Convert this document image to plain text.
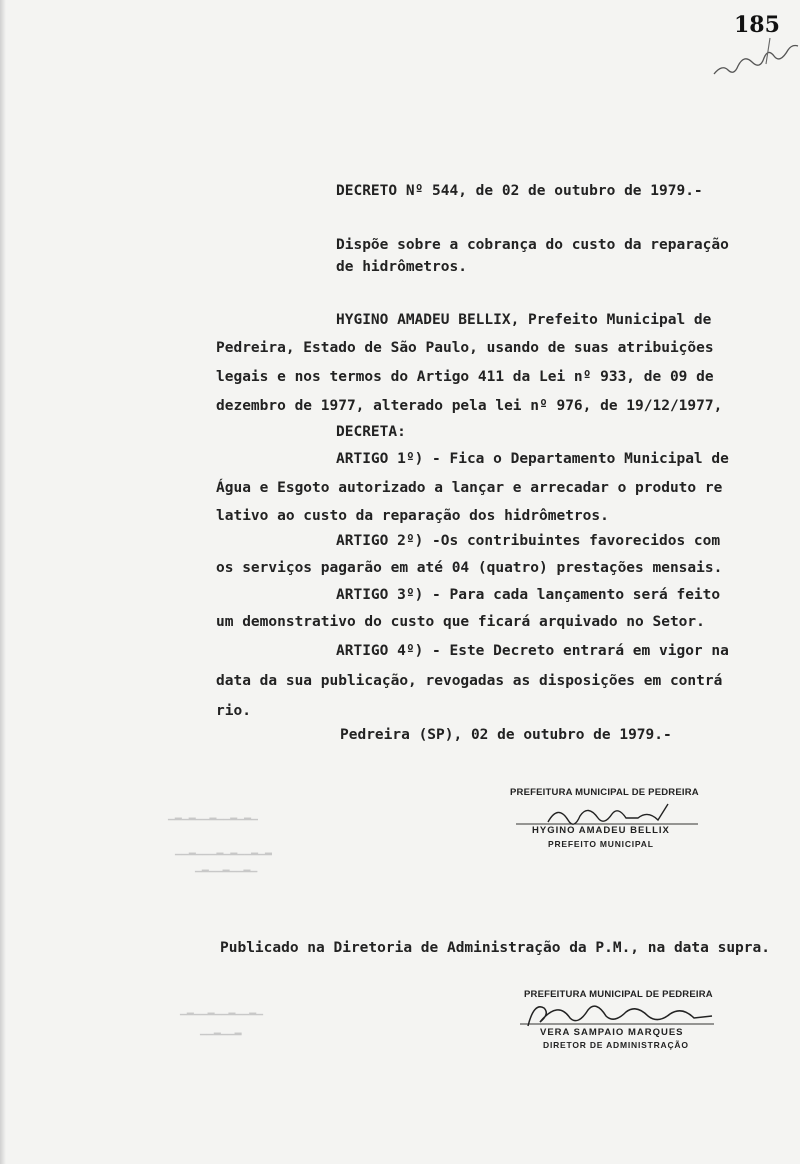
185
DECRETO Nº 544, de 02 de outubro de 1979.-
Dispõe sobre a cobrança do custo da reparação
de hidrômetros.
HYGINO AMADEU BELLIX, Prefeito Municipal de
Pedreira, Estado de São Paulo, usando de suas atribuições
legais e nos termos do Artigo 411 da Lei nº 933, de 09 de
dezembro de 1977, alterado pela lei nº 976, de 19/12/1977,
DECRETA:
ARTIGO 1º) - Fica o Departamento Municipal de
Água e Esgoto autorizado a lançar e arrecadar o produto re
lativo ao custo da reparação dos hidrômetros.
ARTIGO 2º) -Os contribuintes favorecidos com
os serviços pagarão em até 04 (quatro) prestações mensais.
ARTIGO 3º) - Para cada lançamento será feito
um demonstrativo do custo que ficará arquivado no Setor.
ARTIGO 4º) - Este Decreto entrará em vigor na
data da sua publicação, revogadas as disposições em contrá
rio.
Pedreira (SP), 02 de outubro de 1979.-
PREFEITURA MUNICIPAL DE PEDREIRA
HYGINO AMADEU BELLIX
PREFEITO MUNICIPAL
▁▂▁▂▁▁▂▁▁▂▁▂▁
▁▁▂▁▁▁▂▁▂▁▁▂▁▂
▁▂▁▁▂▁▁▂▁
▁▂▁▁▂▁▁▂▁▁▂▁
▁▁▂▁▁▂
Publicado na Diretoria de Administração da P.M., na data supra.
PREFEITURA MUNICIPAL DE PEDREIRA
VERA SAMPAIO MARQUES
DIRETOR DE ADMINISTRAÇÃO
